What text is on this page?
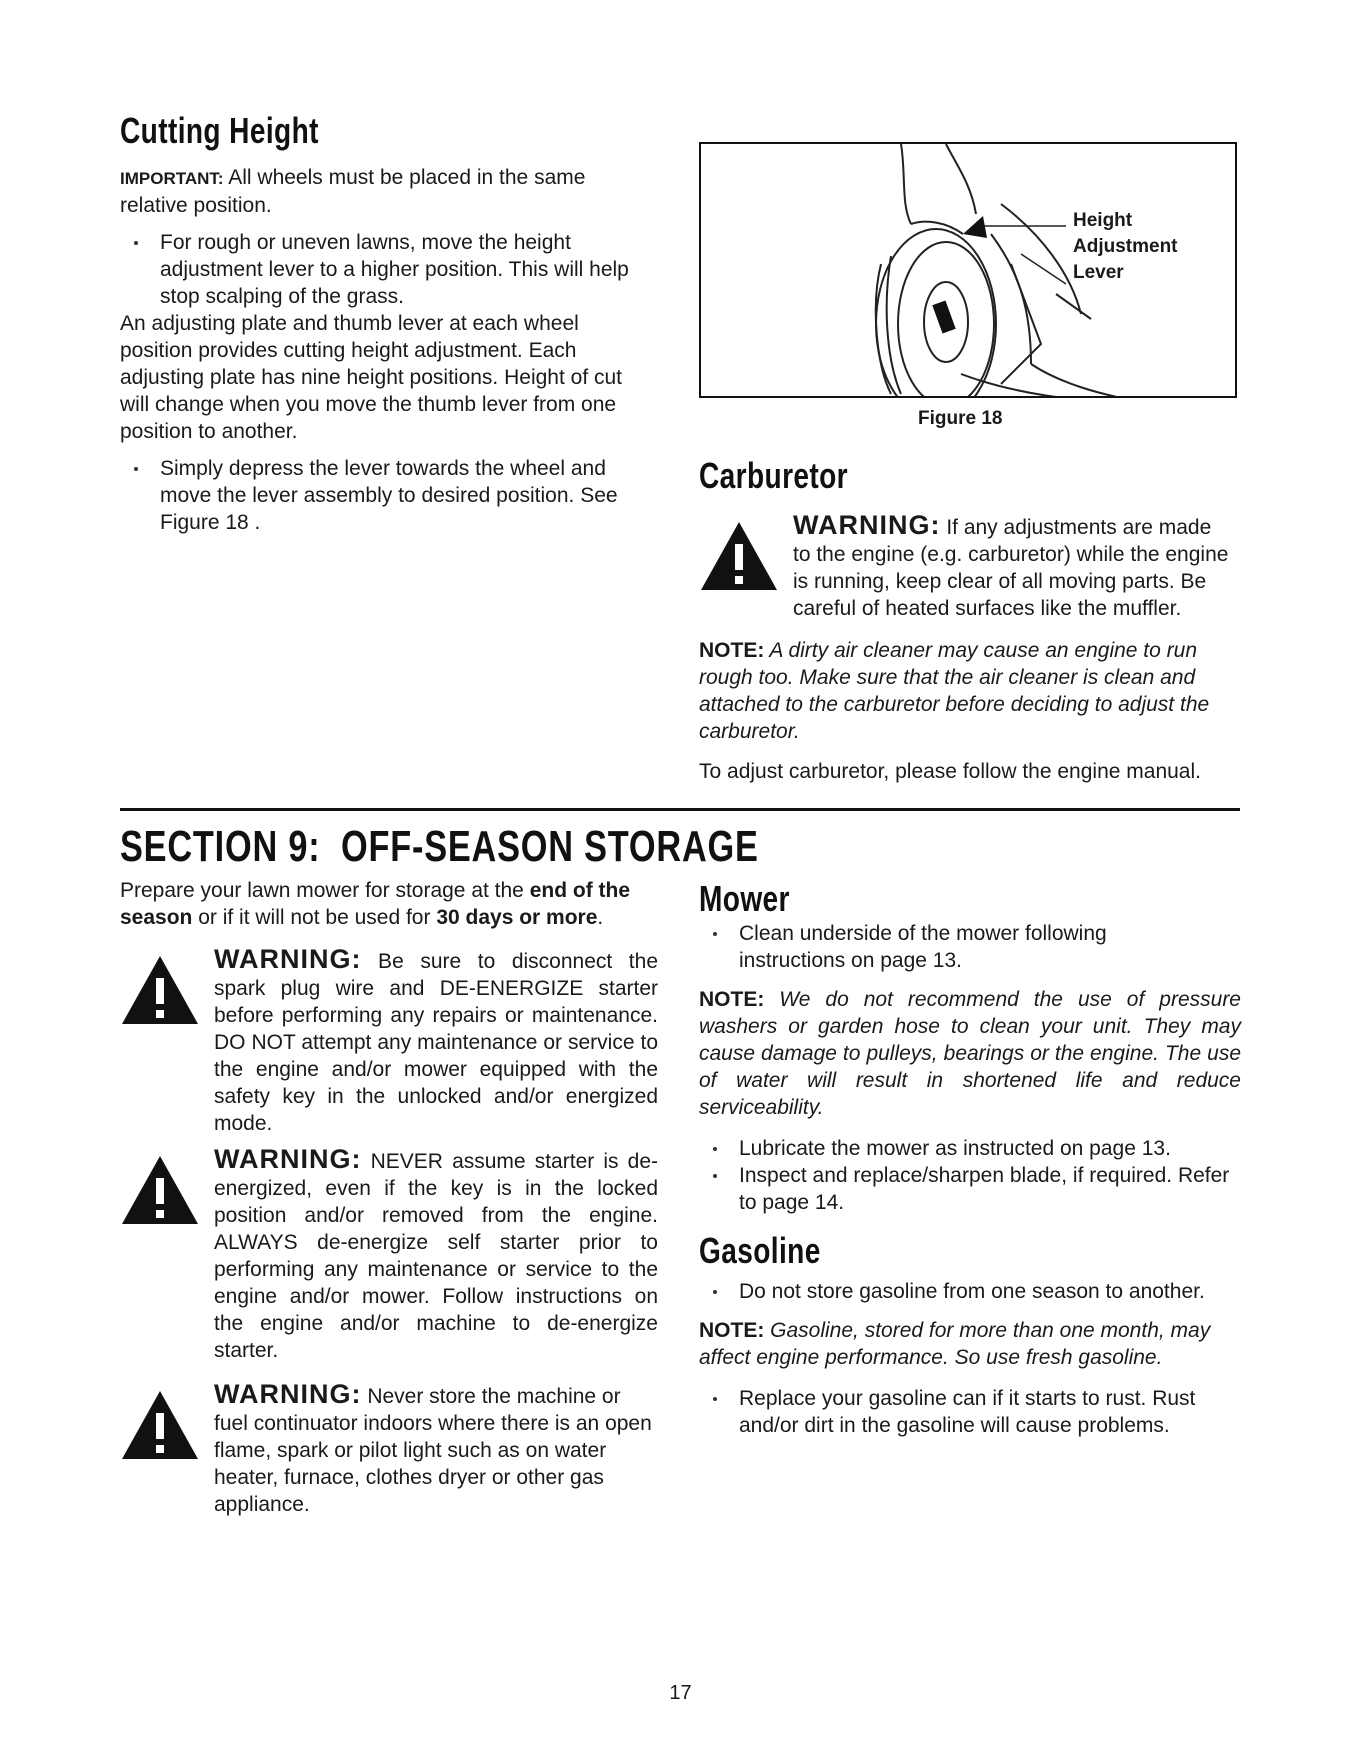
Cutting Height

IMPORTANT: All wheels must be placed in the same relative position.

For rough or uneven lawns, move the height adjustment lever to a higher position. This will help stop scalping of the grass.

An adjusting plate and thumb lever at each wheel position provides cutting height adjustment. Each adjusting plate has nine height positions. Height of cut will change when you move the thumb lever from one position to another.

Simply depress the lever towards the wheel and move the lever assembly to desired position. See Figure 18 .

Height
Adjustment
Lever
Figure 18
Carburetor
WARNING: If any adjustments are made to the engine (e.g. carburetor) while the engine is running, keep clear of all moving parts. Be careful of heated surfaces like the muffler.

NOTE: A dirty air cleaner may cause an engine to run rough too. Make sure that the air cleaner is clean and attached to the carburetor before deciding to adjust the carburetor.

To adjust carburetor, please follow the engine manual.

SECTION 9:  OFF-SEASON STORAGE

Prepare your lawn mower for storage at the end of the season or if it will not be used for 30 days or more.

WARNING: Be sure to disconnect the spark plug wire and DE-ENERGIZE starter before performing any repairs or maintenance. DO NOT attempt any maintenance or service to the engine and/or mower equipped with the safety key in the unlocked and/or energized mode.
WARNING: NEVER assume starter is de-energized, even if the key is in the locked position and/or removed from the engine. ALWAYS de-energize self starter prior to performing any maintenance or service to the engine and/or mower. Follow instructions on the engine and/or machine to de-energize starter.
WARNING: Never store the machine or fuel continuator indoors where there is an open flame, spark or pilot light such as on water heater, furnace, clothes dryer or other gas appliance.
Mower

Clean underside of the mower following instructions on page 13.

NOTE: We do not recommend the use of pressure washers or garden hose to clean your unit. They may cause damage to pulleys, bearings or the engine. The use of water will result in shortened life and reduce serviceability.

Lubricate the mower as instructed on page 13.

Inspect and replace/sharpen blade, if required. Refer to page 14.

Gasoline

Do not store gasoline from one season to another.

NOTE: Gasoline, stored for more than one month, may affect engine performance. So use fresh gasoline.

Replace your gasoline can if it starts to rust. Rust and/or dirt in the gasoline will cause problems.

17
